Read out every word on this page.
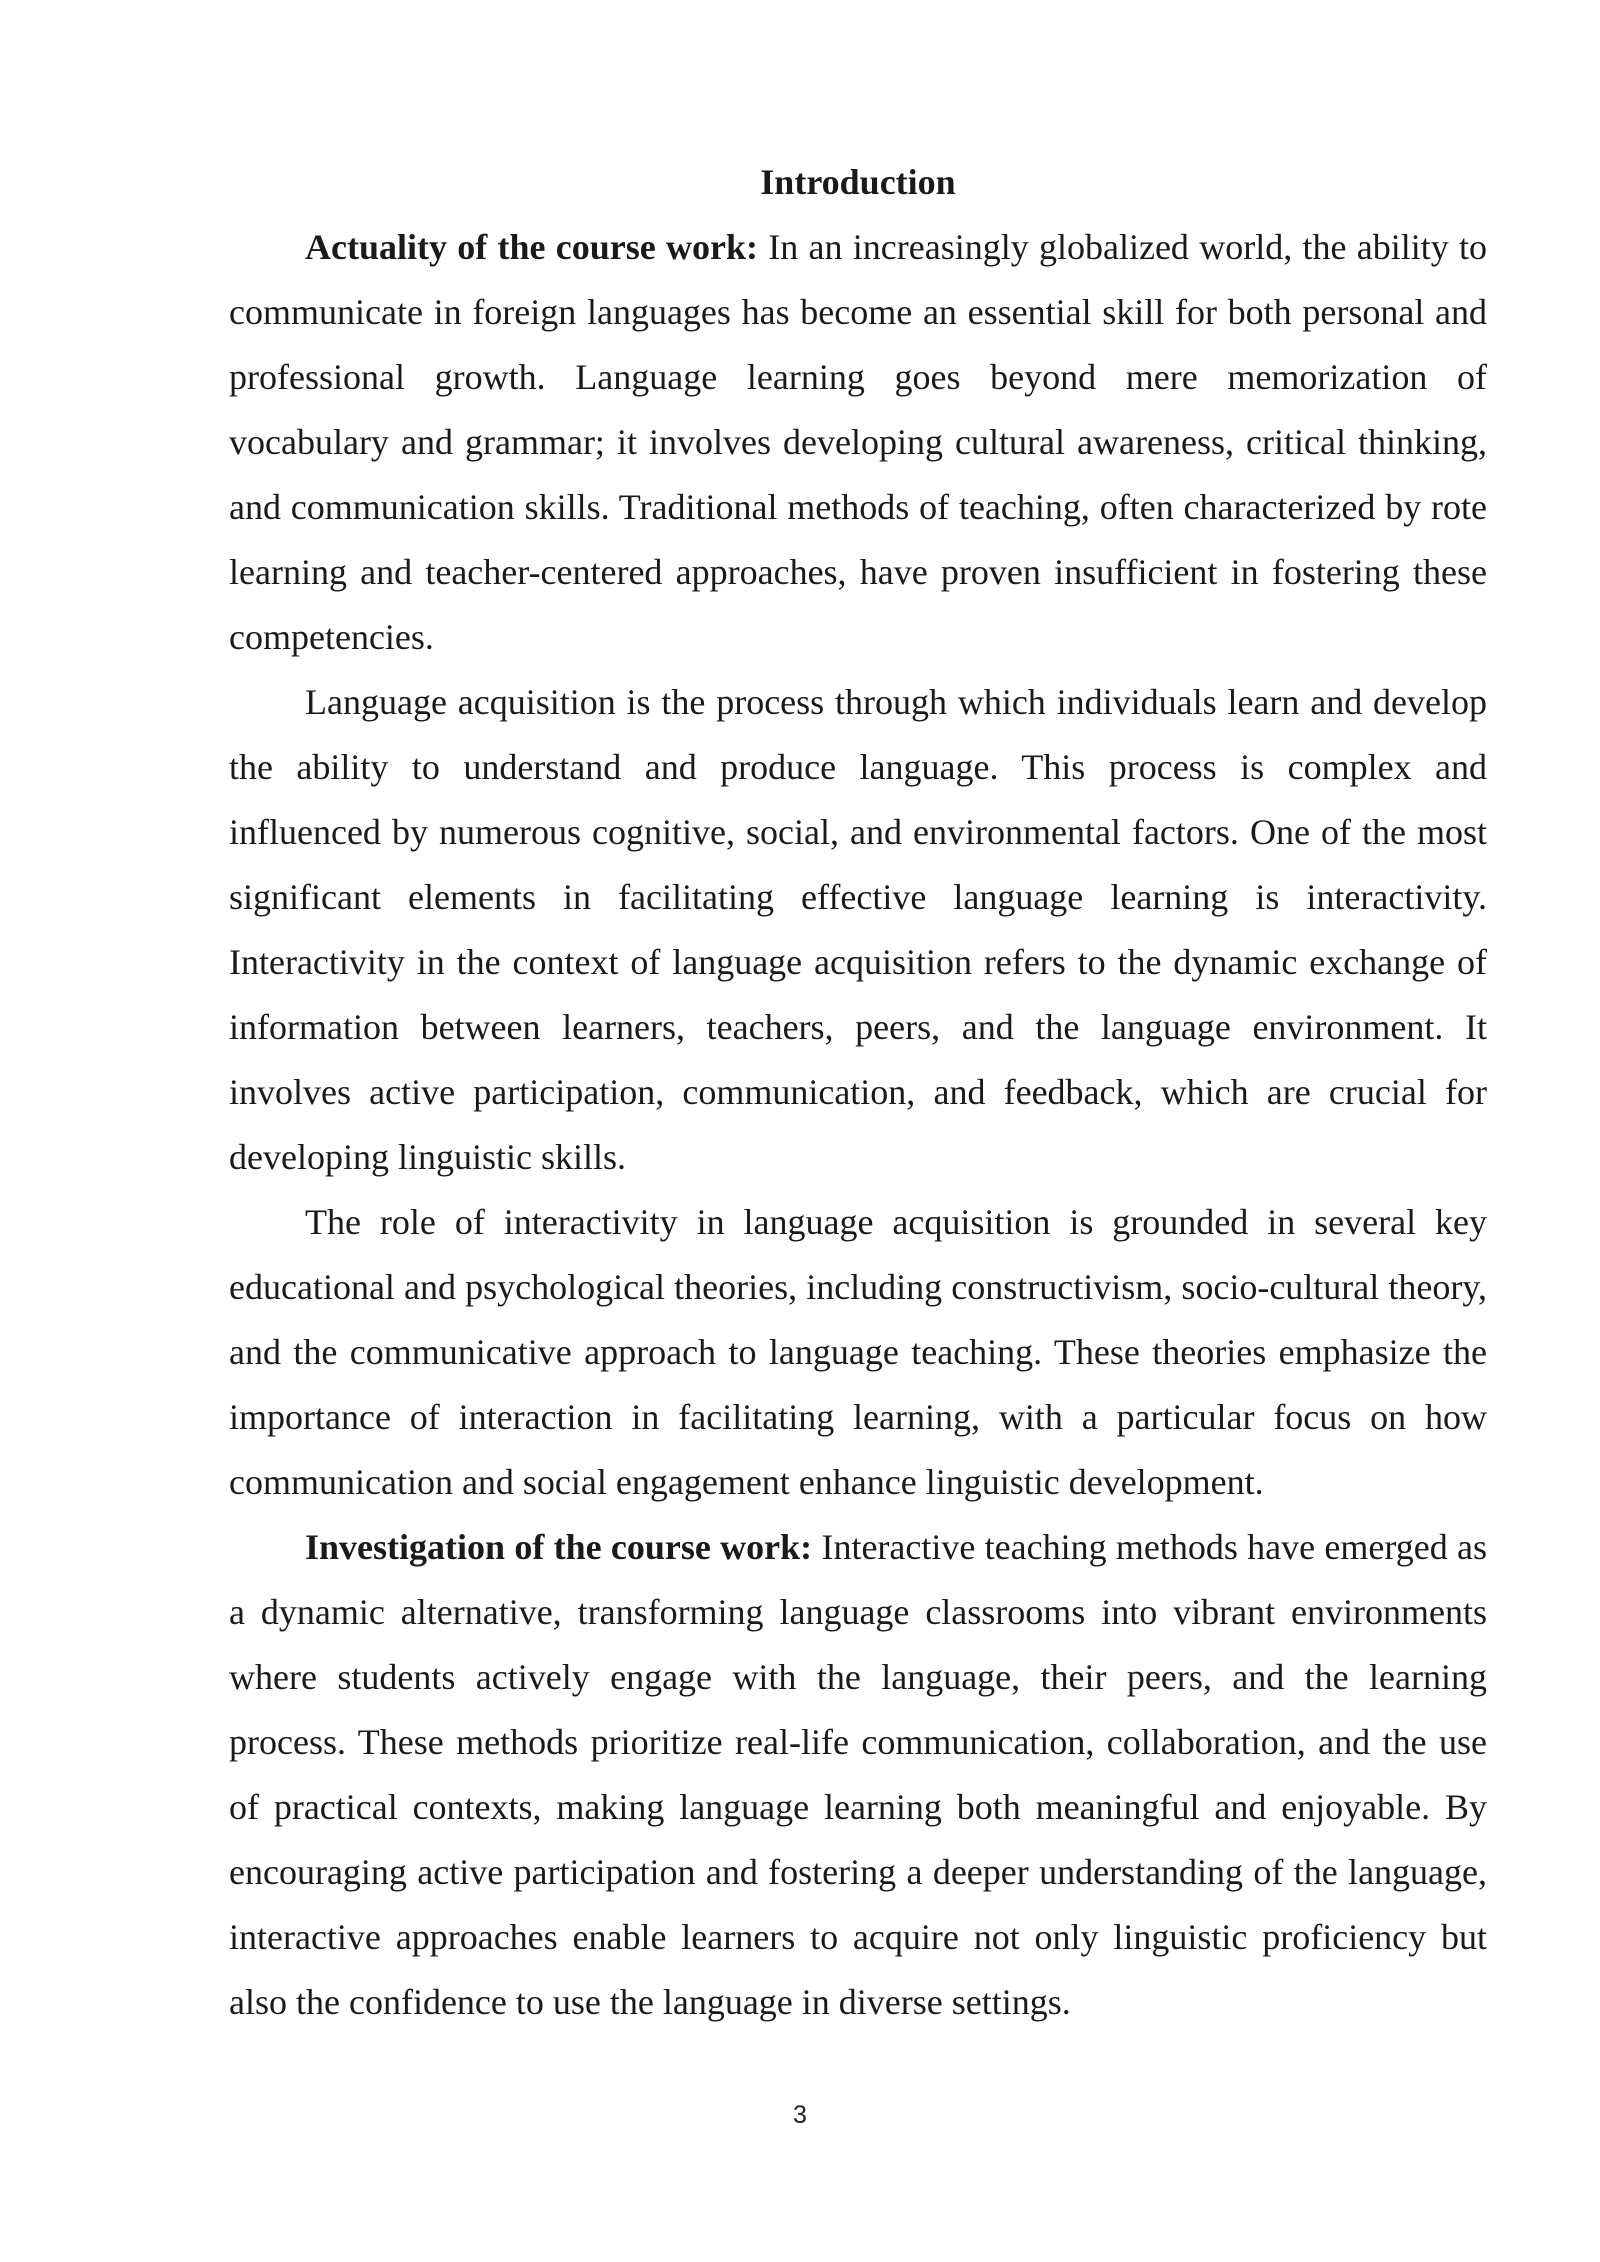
Introduction

Actuality of the course work: In an increasingly globalized world, the ability to communicate in foreign languages has become an essential skill for both personal and professional growth. Language learning goes beyond mere memorization of vocabulary and grammar; it involves developing cultural awareness, critical thinking, and communication skills. Traditional methods of teaching, often characterized by rote learning and teacher-centered approaches, have proven insufficient in fostering these competencies.

Language acquisition is the process through which individuals learn and develop the ability to understand and produce language. This process is complex and influenced by numerous cognitive, social, and environmental factors. One of the most significant elements in facilitating effective language learning is interactivity. Interactivity in the context of language acquisition refers to the dynamic exchange of information between learners, teachers, peers, and the language environment. It involves active participation, communication, and feedback, which are crucial for developing linguistic skills.

The role of interactivity in language acquisition is grounded in several key educational and psychological theories, including constructivism, socio-cultural theory, and the communicative approach to language teaching. These theories emphasize the importance of interaction in facilitating learning, with a particular focus on how communication and social engagement enhance linguistic development.

Investigation of the course work: Interactive teaching methods have emerged as a dynamic alternative, transforming language classrooms into vibrant environments where students actively engage with the language, their peers, and the learning process. These methods prioritize real-life communication, collaboration, and the use of practical contexts, making language learning both meaningful and enjoyable. By encouraging active participation and fostering a deeper understanding of the language, interactive approaches enable learners to acquire not only linguistic proficiency but also the confidence to use the language in diverse settings.

3
